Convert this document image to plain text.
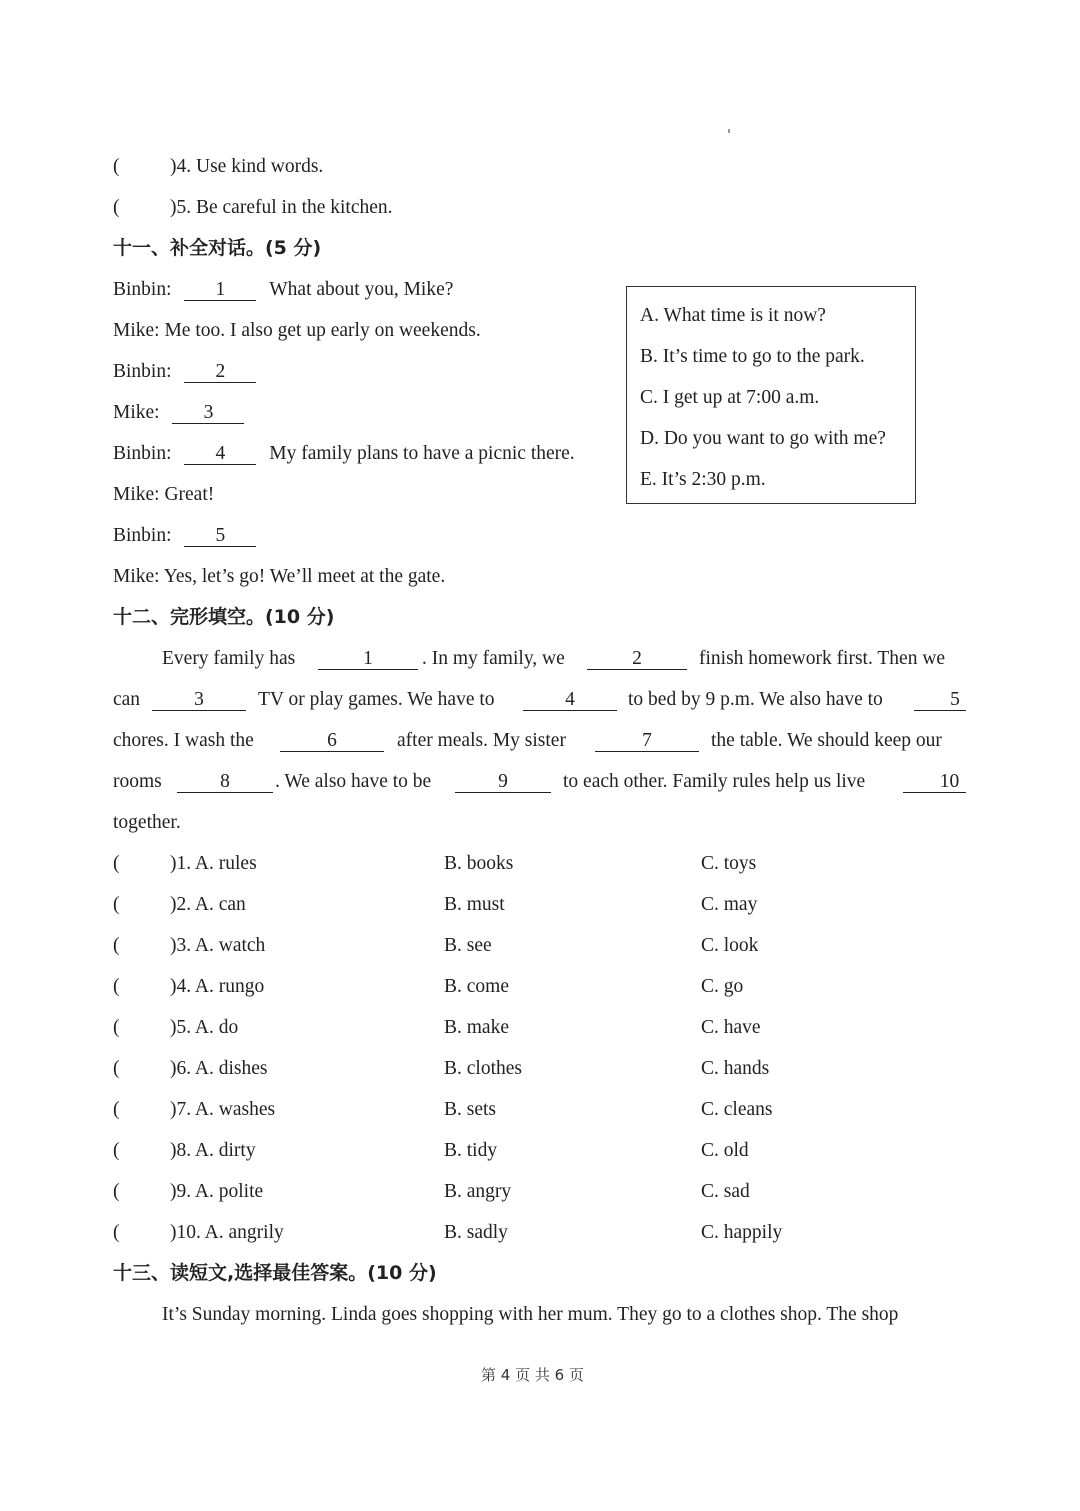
(	)4. Use kind words.
(	)5. Be careful in the kitchen.
十一、补全对话。(5 分)
Binbin: 1 What about you, Mike?
Mike: Me too. I also get up early on weekends.
Binbin: 2
Mike: 3
Binbin: 4 My family plans to have a picnic there.
Mike: Great!
Binbin: 5
Mike: Yes, let’s go! We’ll meet at the gate.
A. What time is it now?
B. It’s time to go to the park.
C. I get up at 7:00 a.m.
D. Do you want to go with me?
E. It’s 2:30 p.m.
十二、完形填空。(10 分)
Every family has	1	. In my family, we	2	finish homework first. Then we
can	3	TV or play games. We have to	4	to bed by 9 p.m. We also have to	5
chores. I wash the	6	after meals. My sister	7	the table. We should keep our
rooms	8	. We also have to be	9	to each other. Family rules help us live	10
together.
(	)1. A. rules	B. books	C. toys
(	)2. A. can	B. must	C. may
(	)3. A. watch	B. see	C. look
(	)4. A. rungo	B. come	C. go
(	)5. A. do	B. make	C. have
(	)6. A. dishes	B. clothes	C. hands
(	)7. A. washes	B. sets	C. cleans
(	)8. A. dirty	B. tidy	C. old
(	)9. A. polite	B. angry	C. sad
(	)10. A. angrily	B. sadly	C. happily
十三、读短文,选择最佳答案。(10 分)
It’s Sunday morning. Linda goes shopping with her mum. They go to a clothes shop. The shop
第 4 页 共 6 页
